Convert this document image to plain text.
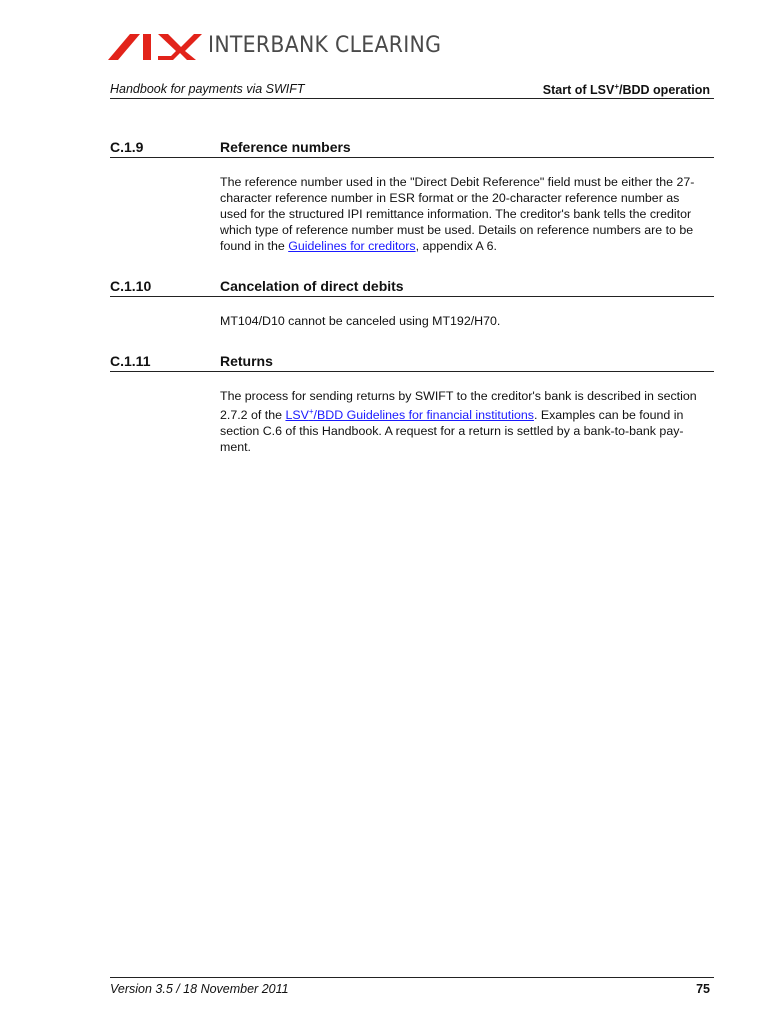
INTERBANK CLEARING
Handbook for payments via SWIFT	Start of LSV+/BDD operation
C.1.9	Reference numbers
The reference number used in the "Direct Debit Reference" field must be either the 27-character reference number in ESR format or the 20-character reference number as used for the structured IPI remittance information. The creditor's bank tells the creditor which type of reference number must be used. Details on reference numbers are to be found in the Guidelines for creditors, appendix A 6.
C.1.10	Cancelation of direct debits
MT104/D10 cannot be canceled using MT192/H70.
C.1.11	Returns
The process for sending returns by SWIFT to the creditor's bank is described in section 2.7.2 of the LSV+/BDD Guidelines for financial institutions. Examples can be found in section C.6 of this Handbook. A request for a return is settled by a bank-to-bank payment.
Version 3.5 / 18 November 2011	75
